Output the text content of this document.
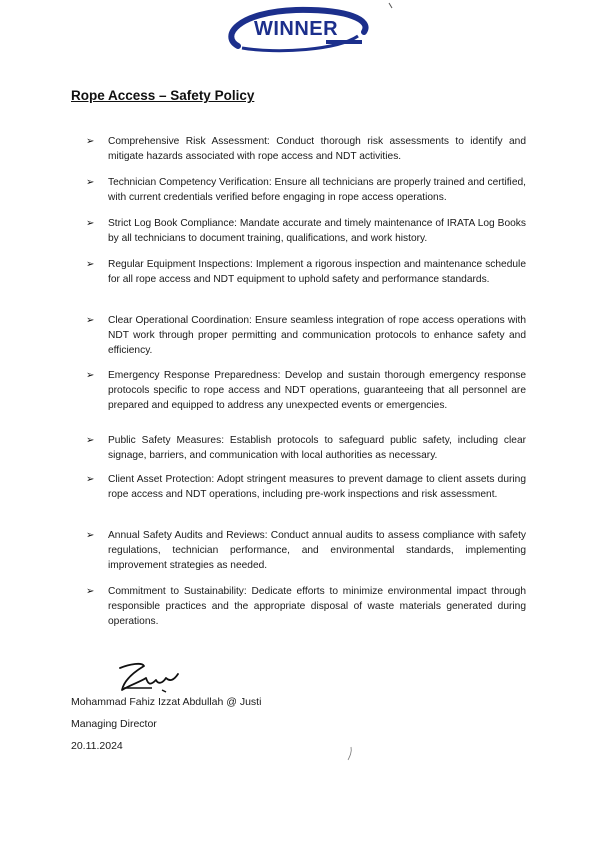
WINNER
Rope Access – Safety Policy
➢	Comprehensive Risk Assessment: Conduct thorough risk assessments to identify and mitigate hazards associated with rope access and NDT activities.
➢	Technician Competency Verification: Ensure all technicians are properly trained and certified, with current credentials verified before engaging in rope access operations.
➢	Strict Log Book Compliance: Mandate accurate and timely maintenance of IRATA Log Books by all technicians to document training, qualifications, and work history.
➢	Regular Equipment Inspections: Implement a rigorous inspection and maintenance schedule for all rope access and NDT equipment to uphold safety and performance standards.
➢	Clear Operational Coordination: Ensure seamless integration of rope access operations with NDT work through proper permitting and communication protocols to enhance safety and efficiency.
➢	Emergency Response Preparedness: Develop and sustain thorough emergency response protocols specific to rope access and NDT operations, guaranteeing that all personnel are prepared and equipped to address any unexpected events or emergencies.
➢	Public Safety Measures: Establish protocols to safeguard public safety, including clear signage, barriers, and communication with local authorities as necessary.
➢	Client Asset Protection: Adopt stringent measures to prevent damage to client assets during rope access and NDT operations, including pre-work inspections and risk assessment.
➢	Annual Safety Audits and Reviews: Conduct annual audits to assess compliance with safety regulations, technician performance, and environmental standards, implementing improvement strategies as needed.
➢	Commitment to Sustainability: Dedicate efforts to minimize environmental impact through responsible practices and the appropriate disposal of waste materials generated during operations.
Mohammad Fahiz Izzat Abdullah @ Justi
Managing Director
20.11.2024
